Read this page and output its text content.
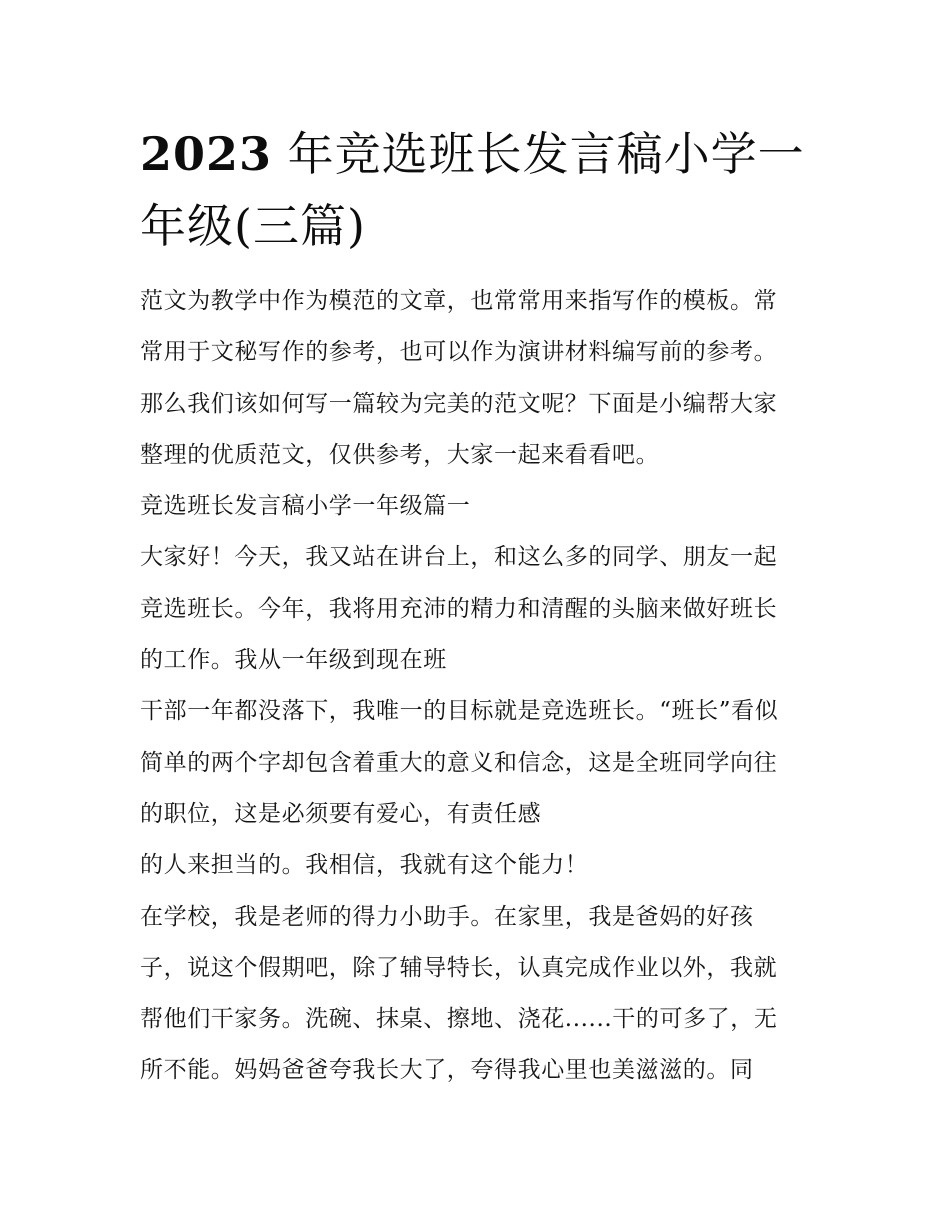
2023 年竞选班长发言稿小学一
年级(三篇)
范文为教学中作为模范的文章，也常常用来指写作的模板。常
常用于文秘写作的参考，也可以作为演讲材料编写前的参考。
那么我们该如何写一篇较为完美的范文呢？下面是小编帮大家
整理的优质范文，仅供参考，大家一起来看看吧。
竞选班长发言稿小学一年级篇一
大家好！今天，我又站在讲台上，和这么多的同学、朋友一起
竞选班长。今年，我将用充沛的精力和清醒的头脑来做好班长
的工作。我从一年级到现在班
干部一年都没落下，我唯一的目标就是竞选班长。“班长”看似
简单的两个字却包含着重大的意义和信念，这是全班同学向往
的职位，这是必须要有爱心，有责任感
的人来担当的。我相信，我就有这个能力！
在学校，我是老师的得力小助手。在家里，我是爸妈的好孩
子，说这个假期吧，除了辅导特长，认真完成作业以外，我就
帮他们干家务。洗碗、抹桌、擦地、浇花......干的可多了，无
所不能。妈妈爸爸夸我长大了，夸得我心里也美滋滋的。同
